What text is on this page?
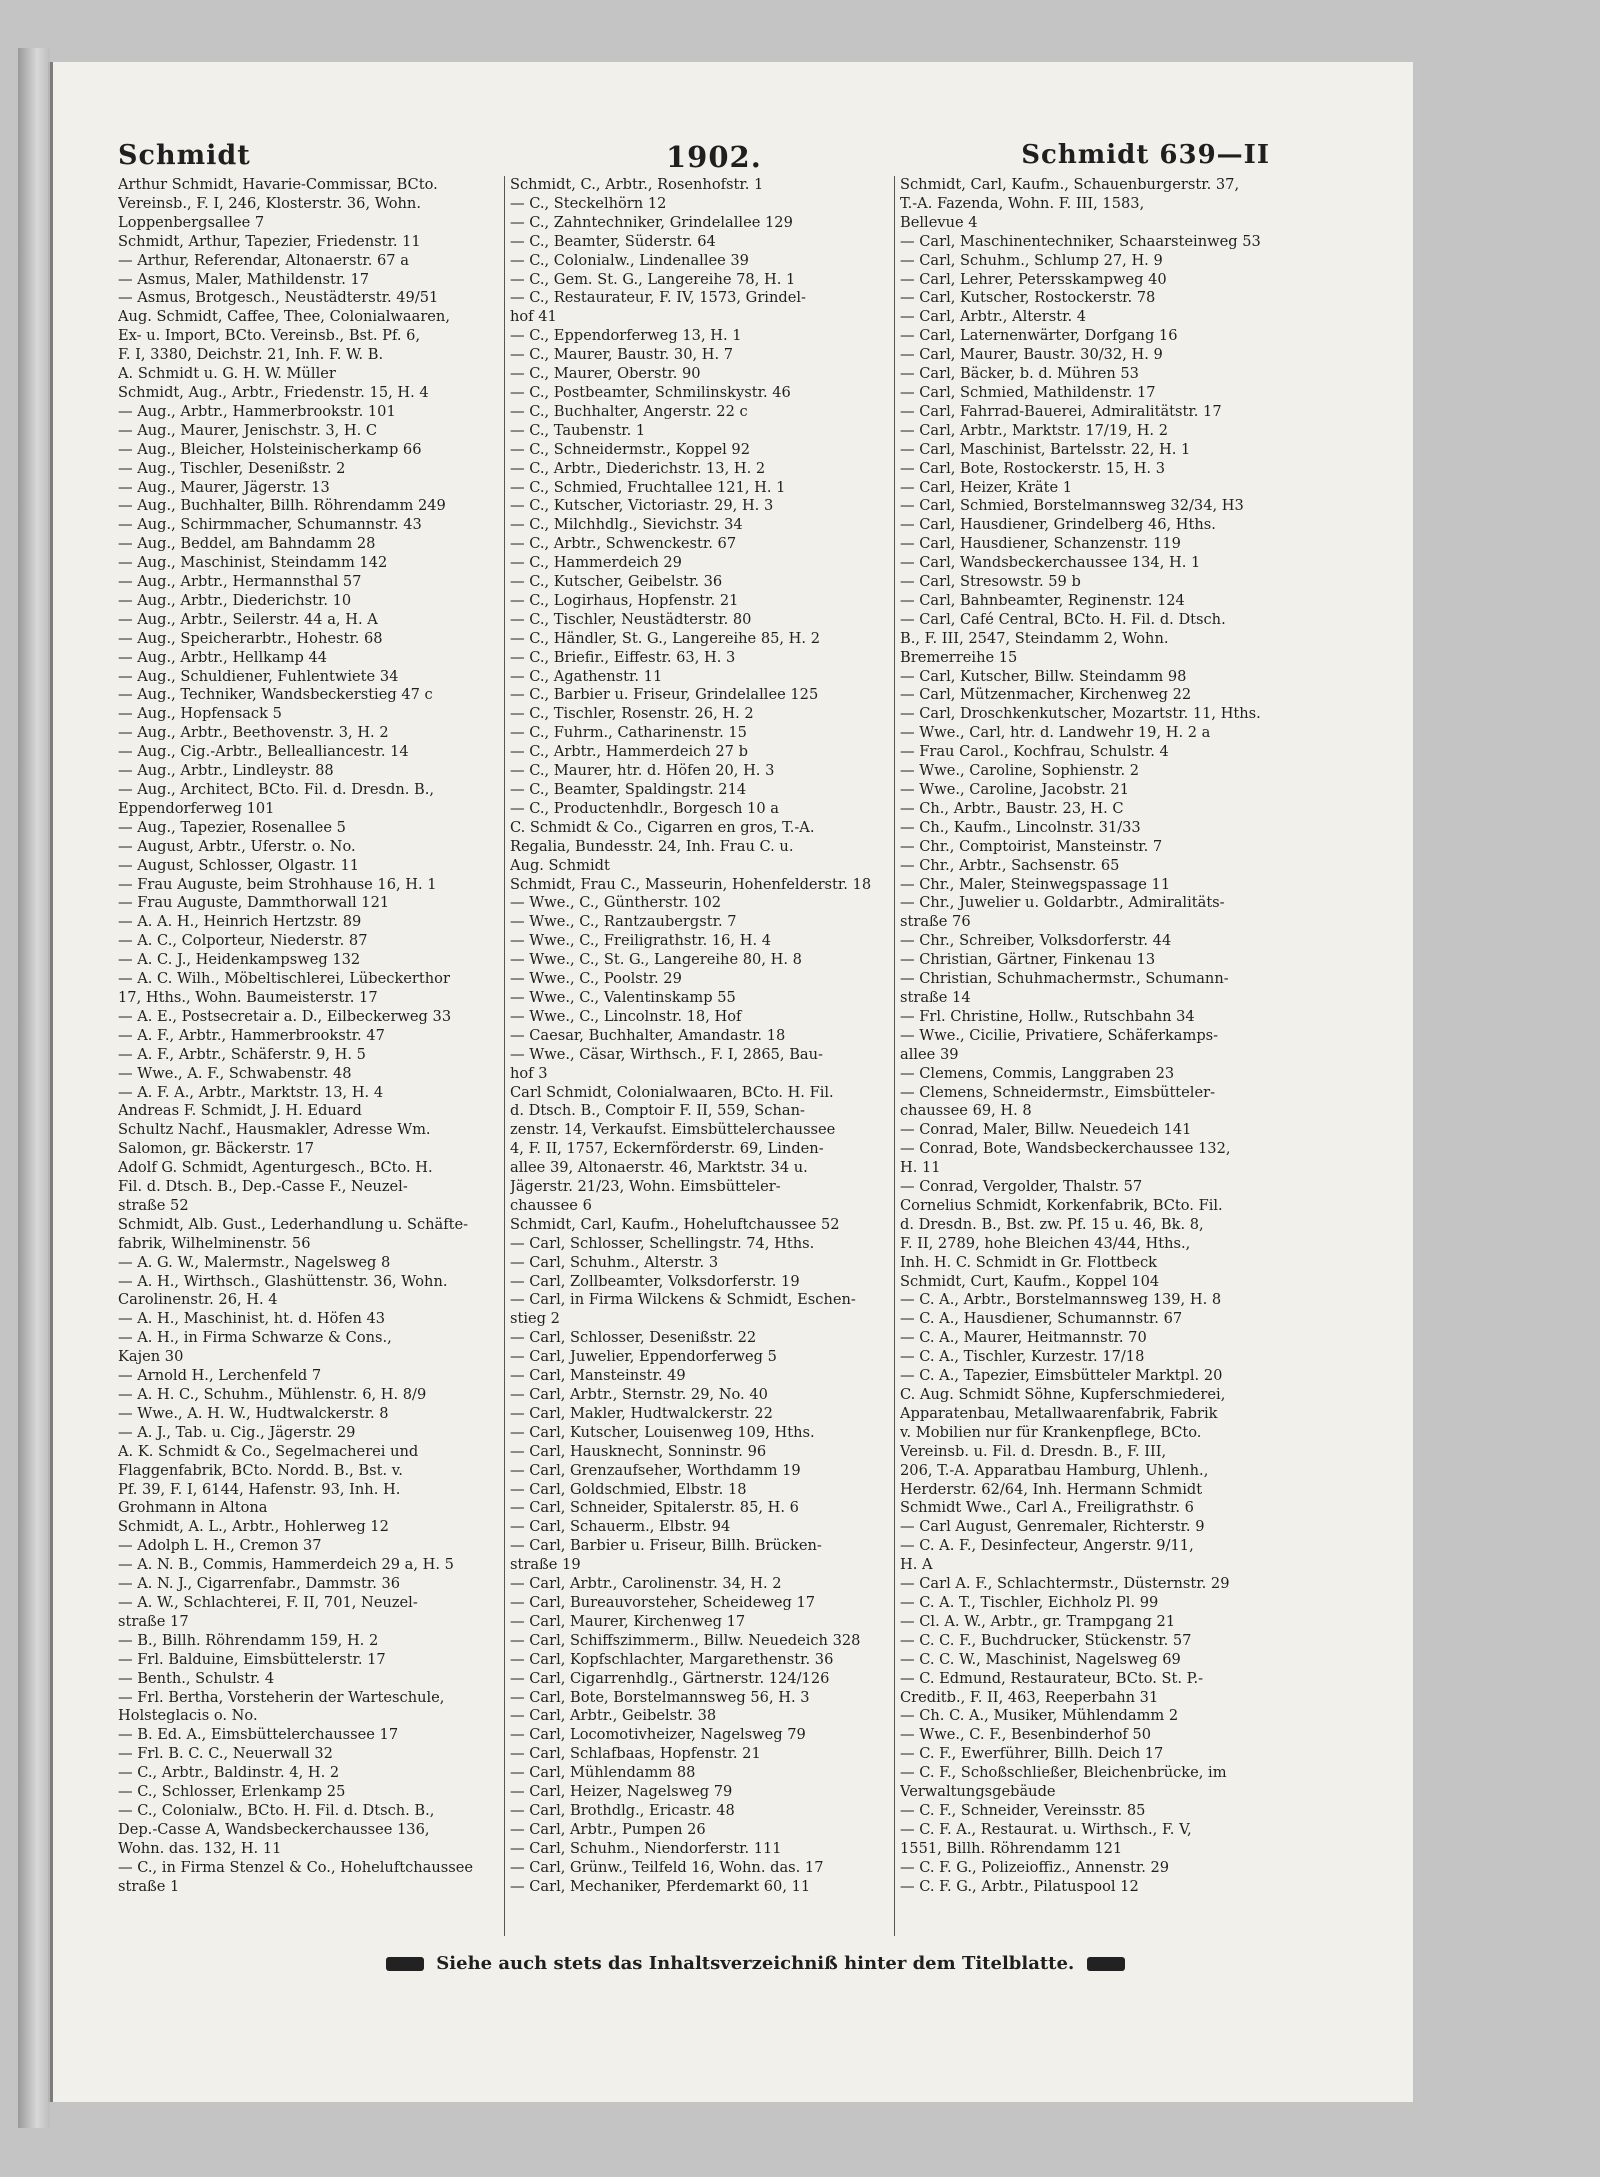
Schmidt	1902.	Schmidt 639—II
Arthur Schmidt, Havarie-Commissar, BCto.
Vereinsb., F. I, 246, Klosterstr. 36, Wohn.
Loppenbergsallee 7
Schmidt, Arthur, Tapezier, Friedenstr. 11
— Arthur, Referendar, Altonaerstr. 67 a
— Asmus, Maler, Mathildenstr. 17
— Asmus, Brotgesch., Neustädterstr. 49/51
Aug. Schmidt, Caffee, Thee, Colonialwaaren,
Ex- u. Import, BCto. Vereinsb., Bst. Pf. 6,
F. I, 3380, Deichstr. 21, Inh. F. W. B.
A. Schmidt u. G. H. W. Müller
Schmidt, Aug., Arbtr., Friedenstr. 15, H. 4
— Aug., Arbtr., Hammerbrookstr. 101
— Aug., Maurer, Jenischstr. 3, H. C
— Aug., Bleicher, Holsteinischerkamp 66
— Aug., Tischler, Desenißstr. 2
— Aug., Maurer, Jägerstr. 13
— Aug., Buchhalter, Billh. Röhrendamm 249
— Aug., Schirmmacher, Schumannstr. 43
— Aug., Beddel, am Bahndamm 28
— Aug., Maschinist, Steindamm 142
— Aug., Arbtr., Hermannsthal 57
— Aug., Arbtr., Diederichstr. 10
— Aug., Arbtr., Seilerstr. 44 a, H. A
— Aug., Speicherarbtr., Hohestr. 68
— Aug., Arbtr., Hellkamp 44
— Aug., Schuldiener, Fuhlentwiete 34
— Aug., Techniker, Wandsbeckerstieg 47 c
— Aug., Hopfensack 5
— Aug., Arbtr., Beethovenstr. 3, H. 2
— Aug., Cig.-Arbtr., Bellealliancestr. 14
— Aug., Arbtr., Lindleystr. 88
— Aug., Architect, BCto. Fil. d. Dresdn. B.,
Eppendorferweg 101
— Aug., Tapezier, Rosenallee 5
— August, Arbtr., Uferstr. o. No.
— August, Schlosser, Olgastr. 11
— Frau Auguste, beim Strohhause 16, H. 1
— Frau Auguste, Dammthorwall 121
— A. A. H., Heinrich Hertzstr. 89
— A. C., Colporteur, Niederstr. 87
— A. C. J., Heidenkampsweg 132
— A. C. Wilh., Möbeltischlerei, Lübeckerthor
17, Hths., Wohn. Baumeisterstr. 17
— A. E., Postsecretair a. D., Eilbeckerweg 33
— A. F., Arbtr., Hammerbrookstr. 47
— A. F., Arbtr., Schäferstr. 9, H. 5
— Wwe., A. F., Schwabenstr. 48
— A. F. A., Arbtr., Marktstr. 13, H. 4
Andreas F. Schmidt, J. H. Eduard
Schultz Nachf., Hausmakler, Adresse Wm.
Salomon, gr. Bäckerstr. 17
Adolf G. Schmidt, Agenturgesch., BCto. H.
Fil. d. Dtsch. B., Dep.-Casse F., Neuzel-
straße 52
Schmidt, Alb. Gust., Lederhandlung u. Schäfte-
fabrik, Wilhelminenstr. 56
— A. G. W., Malermstr., Nagelsweg 8
— A. H., Wirthsch., Glashüttenstr. 36, Wohn.
Carolinenstr. 26, H. 4
— A. H., Maschinist, ht. d. Höfen 43
— A. H., in Firma Schwarze & Cons.,
Kajen 30
— Arnold H., Lerchenfeld 7
— A. H. C., Schuhm., Mühlenstr. 6, H. 8/9
— Wwe., A. H. W., Hudtwalckerstr. 8
— A. J., Tab. u. Cig., Jägerstr. 29
A. K. Schmidt & Co., Segelmacherei und
Flaggenfabrik, BCto. Nordd. B., Bst. v.
Pf. 39, F. I, 6144, Hafenstr. 93, Inh. H.
Grohmann in Altona
Schmidt, A. L., Arbtr., Hohlerweg 12
— Adolph L. H., Cremon 37
— A. N. B., Commis, Hammerdeich 29 a, H. 5
— A. N. J., Cigarrenfabr., Dammstr. 36
— A. W., Schlachterei, F. II, 701, Neuzel-
straße 17
— B., Billh. Röhrendamm 159, H. 2
— Frl. Balduine, Eimsbüttelerstr. 17
— Benth., Schulstr. 4
— Frl. Bertha, Vorsteherin der Warteschule,
Holsteglacis o. No.
— B. Ed. A., Eimsbüttelerchaussee 17
— Frl. B. C. C., Neuerwall 32
— C., Arbtr., Baldinstr. 4, H. 2
— C., Schlosser, Erlenkamp 25
— C., Colonialw., BCto. H. Fil. d. Dtsch. B.,
Dep.-Casse A, Wandsbeckerchaussee 136,
Wohn. das. 132, H. 11
— C., in Firma Stenzel & Co., Hoheluftchaussee
straße 1
Schmidt, C., Arbtr., Rosenhofstr. 1
— C., Steckelhörn 12
— C., Zahntechniker, Grindelallee 129
— C., Beamter, Süderstr. 64
— C., Colonialw., Lindenallee 39
— C., Gem. St. G., Langereihe 78, H. 1
— C., Restaurateur, F. IV, 1573, Grindel-
hof 41
— C., Eppendorferweg 13, H. 1
— C., Maurer, Baustr. 30, H. 7
— C., Maurer, Oberstr. 90
— C., Postbeamter, Schmilinskystr. 46
— C., Buchhalter, Angerstr. 22 c
— C., Taubenstr. 1
— C., Schneidermstr., Koppel 92
— C., Arbtr., Diederichstr. 13, H. 2
— C., Schmied, Fruchtallee 121, H. 1
— C., Kutscher, Victoriastr. 29, H. 3
— C., Milchhdlg., Sievichstr. 34
— C., Arbtr., Schwenckestr. 67
— C., Hammerdeich 29
— C., Kutscher, Geibelstr. 36
— C., Logirhaus, Hopfenstr. 21
— C., Tischler, Neustädterstr. 80
— C., Händler, St. G., Langereihe 85, H. 2
— C., Briefir., Eiffestr. 63, H. 3
— C., Agathenstr. 11
— C., Barbier u. Friseur, Grindelallee 125
— C., Tischler, Rosenstr. 26, H. 2
— C., Fuhrm., Catharinenstr. 15
— C., Arbtr., Hammerdeich 27 b
— C., Maurer, htr. d. Höfen 20, H. 3
— C., Beamter, Spaldingstr. 214
— C., Productenhdlr., Borgesch 10 a
C. Schmidt & Co., Cigarren en gros, T.-A.
Regalia, Bundesstr. 24, Inh. Frau C. u.
Aug. Schmidt
Schmidt, Frau C., Masseurin, Hohenfelderstr. 18
— Wwe., C., Güntherstr. 102
— Wwe., C., Rantzaubergstr. 7
— Wwe., C., Freiligrathstr. 16, H. 4
— Wwe., C., St. G., Langereihe 80, H. 8
— Wwe., C., Poolstr. 29
— Wwe., C., Valentinskamp 55
— Wwe., C., Lincolnstr. 18, Hof
— Caesar, Buchhalter, Amandastr. 18
— Wwe., Cäsar, Wirthsch., F. I, 2865, Bau-
hof 3
Carl Schmidt, Colonialwaaren, BCto. H. Fil.
d. Dtsch. B., Comptoir F. II, 559, Schan-
zenstr. 14, Verkaufst. Eimsbüttelerchaussee
4, F. II, 1757, Eckernförderstr. 69, Linden-
allee 39, Altonaerstr. 46, Marktstr. 34 u.
Jägerstr. 21/23, Wohn. Eimsbütteler-
chaussee 6
Schmidt, Carl, Kaufm., Hoheluftchaussee 52
— Carl, Schlosser, Schellingstr. 74, Hths.
— Carl, Schuhm., Alterstr. 3
— Carl, Zollbeamter, Volksdorferstr. 19
— Carl, in Firma Wilckens & Schmidt, Eschen-
stieg 2
— Carl, Schlosser, Desenißstr. 22
— Carl, Juwelier, Eppendorferweg 5
— Carl, Mansteinstr. 49
— Carl, Arbtr., Sternstr. 29, No. 40
— Carl, Makler, Hudtwalckerstr. 22
— Carl, Kutscher, Louisenweg 109, Hths.
— Carl, Hausknecht, Sonninstr. 96
— Carl, Grenzaufseher, Worthdamm 19
— Carl, Goldschmied, Elbstr. 18
— Carl, Schneider, Spitalerstr. 85, H. 6
— Carl, Schauerm., Elbstr. 94
— Carl, Barbier u. Friseur, Billh. Brücken-
straße 19
— Carl, Arbtr., Carolinenstr. 34, H. 2
— Carl, Bureauvorsteher, Scheideweg 17
— Carl, Maurer, Kirchenweg 17
— Carl, Schiffszimmerm., Billw. Neuedeich 328
— Carl, Kopfschlachter, Margarethenstr. 36
— Carl, Cigarrenhdlg., Gärtnerstr. 124/126
— Carl, Bote, Borstelmannsweg 56, H. 3
— Carl, Arbtr., Geibelstr. 38
— Carl, Locomotivheizer, Nagelsweg 79
— Carl, Schlafbaas, Hopfenstr. 21
— Carl, Mühlendamm 88
— Carl, Heizer, Nagelsweg 79
— Carl, Brothdlg., Ericastr. 48
— Carl, Arbtr., Pumpen 26
— Carl, Schuhm., Niendorferstr. 111
— Carl, Grünw., Teilfeld 16, Wohn. das. 17
— Carl, Mechaniker, Pferdemarkt 60, 11
Schmidt, Carl, Kaufm., Schauenburgerstr. 37,
T.-A. Fazenda, Wohn. F. III, 1583,
Bellevue 4
— Carl, Maschinentechniker, Schaarsteinweg 53
— Carl, Schuhm., Schlump 27, H. 9
— Carl, Lehrer, Petersskampweg 40
— Carl, Kutscher, Rostockerstr. 78
— Carl, Arbtr., Alterstr. 4
— Carl, Laternenwärter, Dorfgang 16
— Carl, Maurer, Baustr. 30/32, H. 9
— Carl, Bäcker, b. d. Mühren 53
— Carl, Schmied, Mathildenstr. 17
— Carl, Fahrrad-Bauerei, Admiralitätstr. 17
— Carl, Arbtr., Marktstr. 17/19, H. 2
— Carl, Maschinist, Bartelsstr. 22, H. 1
— Carl, Bote, Rostockerstr. 15, H. 3
— Carl, Heizer, Kräte 1
— Carl, Schmied, Borstelmannsweg 32/34, H3
— Carl, Hausdiener, Grindelberg 46, Hths.
— Carl, Hausdiener, Schanzenstr. 119
— Carl, Wandsbeckerchaussee 134, H. 1
— Carl, Stresowstr. 59 b
— Carl, Bahnbeamter, Reginenstr. 124
— Carl, Café Central, BCto. H. Fil. d. Dtsch.
B., F. III, 2547, Steindamm 2, Wohn.
Bremerreihe 15
— Carl, Kutscher, Billw. Steindamm 98
— Carl, Mützenmacher, Kirchenweg 22
— Carl, Droschkenkutscher, Mozartstr. 11, Hths.
— Wwe., Carl, htr. d. Landwehr 19, H. 2 a
— Frau Carol., Kochfrau, Schulstr. 4
— Wwe., Caroline, Sophienstr. 2
— Wwe., Caroline, Jacobstr. 21
— Ch., Arbtr., Baustr. 23, H. C
— Ch., Kaufm., Lincolnstr. 31/33
— Chr., Comptoirist, Mansteinstr. 7
— Chr., Arbtr., Sachsenstr. 65
— Chr., Maler, Steinwegspassage 11
— Chr., Juwelier u. Goldarbtr., Admiralitäts-
straße 76
— Chr., Schreiber, Volksdorferstr. 44
— Christian, Gärtner, Finkenau 13
— Christian, Schuhmachermstr., Schumann-
straße 14
— Frl. Christine, Hollw., Rutschbahn 34
— Wwe., Cicilie, Privatiere, Schäferkamps-
allee 39
— Clemens, Commis, Langgraben 23
— Clemens, Schneidermstr., Eimsbütteler-
chaussee 69, H. 8
— Conrad, Maler, Billw. Neuedeich 141
— Conrad, Bote, Wandsbeckerchaussee 132,
H. 11
— Conrad, Vergolder, Thalstr. 57
Cornelius Schmidt, Korkenfabrik, BCto. Fil.
d. Dresdn. B., Bst. zw. Pf. 15 u. 46, Bk. 8,
F. II, 2789, hohe Bleichen 43/44, Hths.,
Inh. H. C. Schmidt in Gr. Flottbeck
Schmidt, Curt, Kaufm., Koppel 104
— C. A., Arbtr., Borstelmannsweg 139, H. 8
— C. A., Hausdiener, Schumannstr. 67
— C. A., Maurer, Heitmannstr. 70
— C. A., Tischler, Kurzestr. 17/18
— C. A., Tapezier, Eimsbütteler Marktpl. 20
C. Aug. Schmidt Söhne, Kupferschmiederei,
Apparatenbau, Metallwaarenfabrik, Fabrik
v. Mobilien nur für Krankenpflege, BCto.
Vereinsb. u. Fil. d. Dresdn. B., F. III,
206, T.-A. Apparatbau Hamburg, Uhlenh.,
Herderstr. 62/64, Inh. Hermann Schmidt
Schmidt Wwe., Carl A., Freiligrathstr. 6
— Carl August, Genremaler, Richterstr. 9
— C. A. F., Desinfecteur, Angerstr. 9/11,
H. A
— Carl A. F., Schlachtermstr., Düsternstr. 29
— C. A. T., Tischler, Eichholz Pl. 99
— Cl. A. W., Arbtr., gr. Trampgang 21
— C. C. F., Buchdrucker, Stückenstr. 57
— C. C. W., Maschinist, Nagelsweg 69
— C. Edmund, Restaurateur, BCto. St. P.-
Creditb., F. II, 463, Reeperbahn 31
— Ch. C. A., Musiker, Mühlendamm 2
— Wwe., C. F., Besenbinderhof 50
— C. F., Ewerführer, Billh. Deich 17
— C. F., Schoßschließer, Bleichenbrücke, im
Verwaltungsgebäude
— C. F., Schneider, Vereinsstr. 85
— C. F. A., Restaurat. u. Wirthsch., F. V,
1551, Billh. Röhrendamm 121
— C. F. G., Polizeioffiz., Annenstr. 29
— C. F. G., Arbtr., Pilatuspool 12
Siehe auch stets das Inhaltsverzeichniß hinter dem Titelblatte.
